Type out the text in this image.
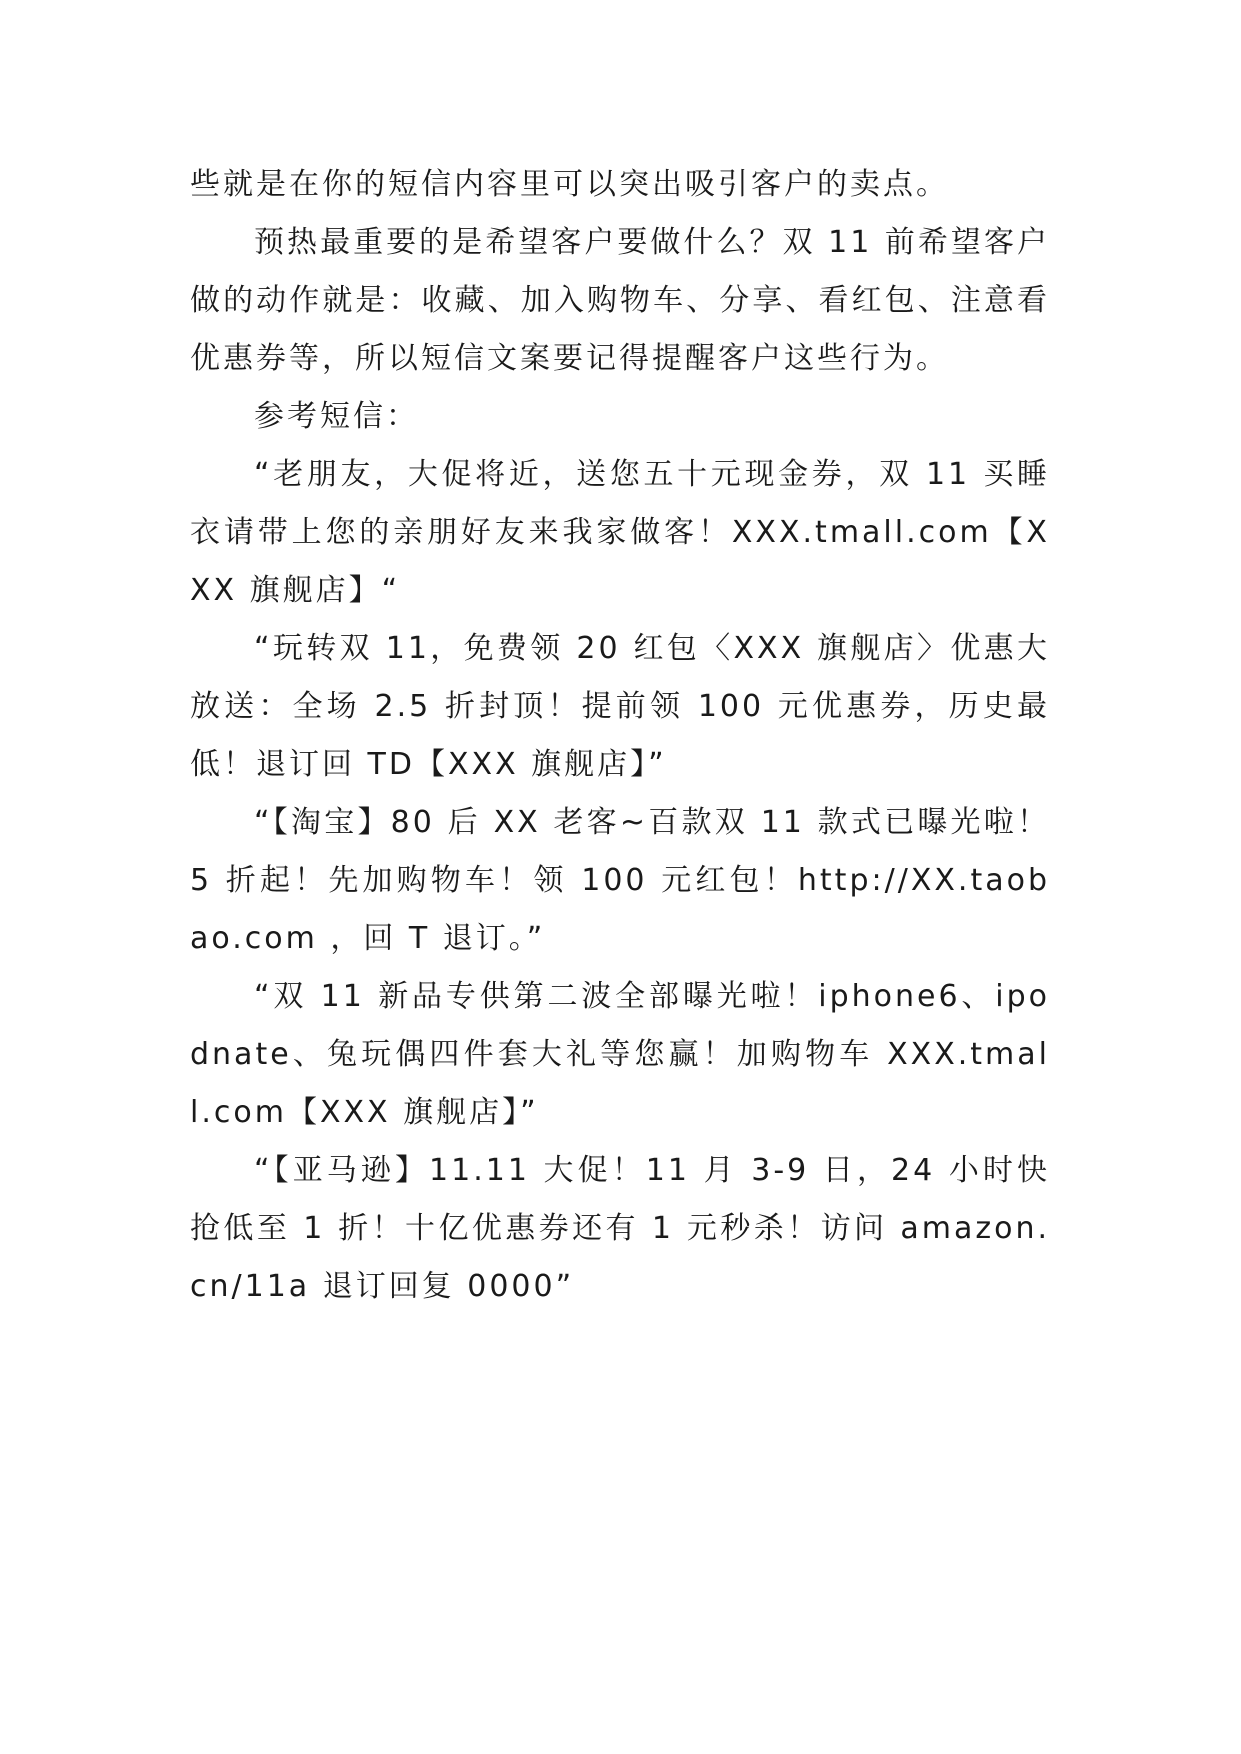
些就是在你的短信内容里可以突出吸引客户的卖点。

预热最重要的是希望客户要做什么？双 11 前希望客户做的动作就是：收藏、加入购物车、分享、看红包、注意看优惠券等，所以短信文案要记得提醒客户这些行为。

参考短信：

“老朋友，大促将近，送您五十元现金券，双 11 买睡衣请带上您的亲朋好友来我家做客！XXX.tmall.com【XXX 旗舰店】“

“玩转双 11，免费领 20 红包〈XXX 旗舰店〉优惠大放送：全场 2.5 折封顶！提前领 100 元优惠券，历史最低！退订回 TD【XXX 旗舰店】”

“【淘宝】80 后 XX 老客~百款双 11 款式已曝光啦！5 折起！先加购物车！领 100 元红包！http://XX.taobao.com ，回 T 退订。”

“双 11 新品专供第二波全部曝光啦！iphone6、ipodnate、兔玩偶四件套大礼等您赢！加购物车 XXX.tmall.com【XXX 旗舰店】”

“【亚马逊】11.11 大促！11 月 3-9 日，24 小时快抢低至 1 折！十亿优惠券还有 1 元秒杀！访问 amazon.cn/11a 退订回复 0000”
